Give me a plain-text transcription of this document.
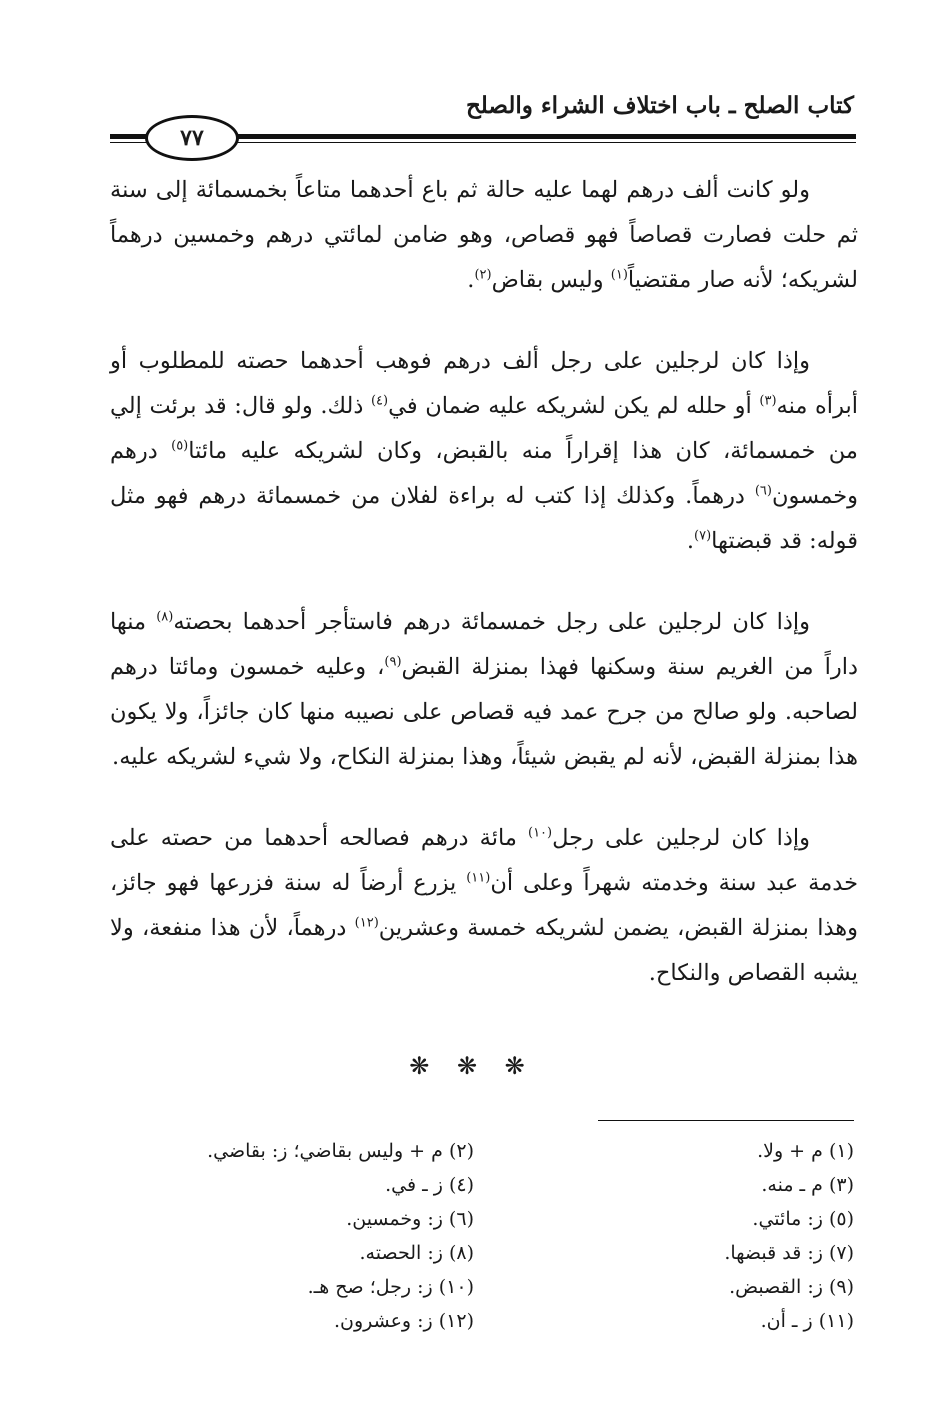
كتاب الصلح ـ باب اختلاف الشراء والصلح
٧٧

ولو كانت ألف درهم لهما عليه حالة ثم باع أحدهما متاعاً بخمسمائة إلى سنة ثم حلت فصارت قصاصاً فهو قصاص، وهو ضامن لمائتي درهم وخمسين درهماً لشريكه؛ لأنه صار مقتضياً$^{(١)}$ وليس بقاض$^{(٢)}$.

وإذا كان لرجلين على رجل ألف درهم فوهب أحدهما حصته للمطلوب أو أبرأه منه$^{(٣)}$ أو حلله لم يكن لشريكه عليه ضمان في$^{(٤)}$ ذلك. ولو قال: قد برئت إلي من خمسمائة، كان هذا إقراراً منه بالقبض، وكان لشريكه عليه مائتا$^{(٥)}$ درهم وخمسون$^{(٦)}$ درهماً. وكذلك إذا كتب له براءة لفلان من خمسمائة درهم فهو مثل قوله: قد قبضتها$^{(٧)}$.

وإذا كان لرجلين على رجل خمسمائة درهم فاستأجر أحدهما بحصته$^{(٨)}$ منها داراً من الغريم سنة وسكنها فهذا بمنزلة القبض$^{(٩)}$، وعليه خمسون ومائتا درهم لصاحبه. ولو صالح من جرح عمد فيه قصاص على نصيبه منها كان جائزاً، ولا يكون هذا بمنزلة القبض، لأنه لم يقبض شيئاً، وهذا بمنزلة النكاح، ولا شيء لشريكه عليه.

وإذا كان لرجلين على رجل$^{(١٠)}$ مائة درهم فصالحه أحدهما من حصته على خدمة عبد سنة وخدمته شهراً وعلى أن$^{(١١)}$ يزرع أرضاً له سنة فزرعها فهو جائز، وهذا بمنزلة القبض، يضمن لشريكه خمسة وعشرين$^{(١٢)}$ درهماً، لأن هذا منفعة، ولا يشبه القصاص والنكاح.

❋ ❋ ❋
(١) م + ولا.
(٣) م ـ منه.
(٥) ز: مائتي.
(٧) ز: قد قبضها.
(٩) ز: القصبض.
(١١) ز ـ أن.
(٢) م + وليس بقاضي؛ ز: بقاضي.
(٤) ز ـ في.
(٦) ز: وخمسين.
(٨) ز: الحصته.
(١٠) ز: رجل؛ صح هـ.
(١٢) ز: وعشرون.
